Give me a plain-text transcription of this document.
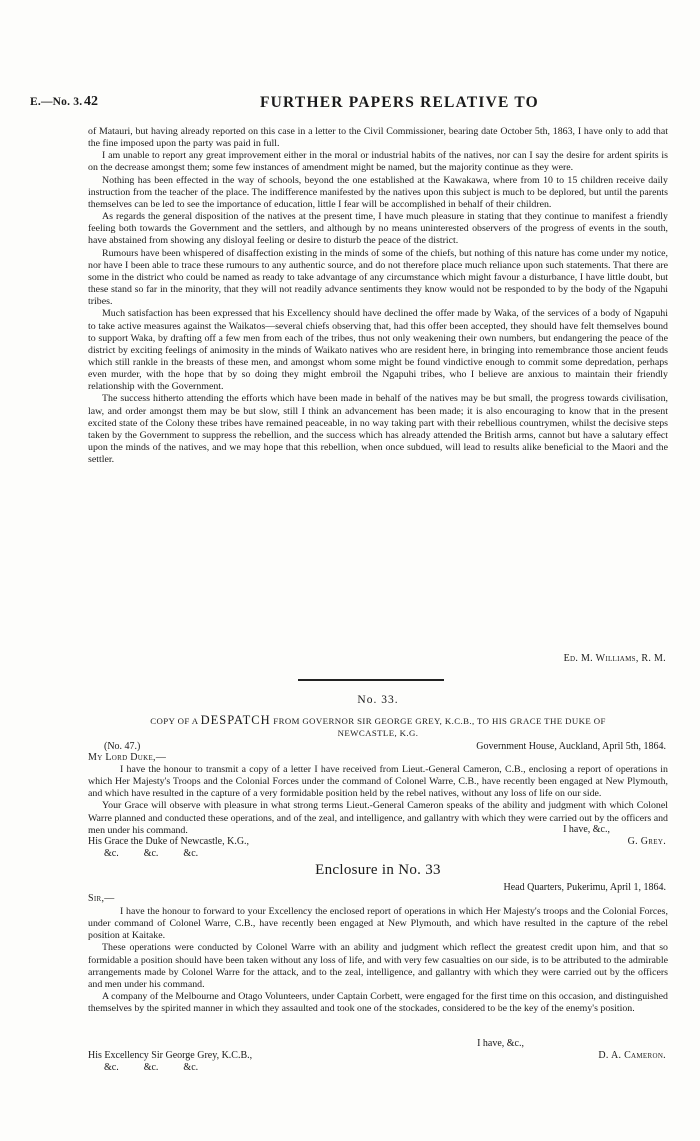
E.—No. 3. 42	FURTHER PAPERS RELATIVE TO

of Matauri, but having already reported on this case in a letter to the Civil Commissioner, bearing date October 5th, 1863, I have only to add that the fine imposed upon the party was paid in full.

I am unable to report any great improvement either in the moral or industrial habits of the natives, nor can I say the desire for ardent spirits is on the decrease amongst them; some few instances of amendment might be named, but the majority continue as they were.

Nothing has been effected in the way of schools, beyond the one established at the Kawakawa, where from 10 to 15 children receive daily instruction from the teacher of the place. The indifference manifested by the natives upon this subject is much to be deplored, but until the parents themselves can be led to see the importance of education, little I fear will be accomplished in behalf of their children.

As regards the general disposition of the natives at the present time, I have much pleasure in stating that they continue to manifest a friendly feeling both towards the Government and the settlers, and although by no means uninterested observers of the progress of events in the south, have abstained from showing any disloyal feeling or desire to disturb the peace of the district.

Rumours have been whispered of disaffection existing in the minds of some of the chiefs, but nothing of this nature has come under my notice, nor have I been able to trace these rumours to any authentic source, and do not therefore place much reliance upon such statements. That there are some in the district who could be named as ready to take advantage of any circumstance which might favour a disturbance, I have little doubt, but these stand so far in the minority, that they will not readily advance sentiments they know would not be responded to by the body of the Ngapuhi tribes.

Much satisfaction has been expressed that his Excellency should have declined the offer made by Waka, of the services of a body of Ngapuhi to take active measures against the Waikatos—several chiefs observing that, had this offer been accepted, they should have felt themselves bound to support Waka, by drafting off a few men from each of the tribes, thus not only weakening their own numbers, but endangering the peace of the district by exciting feelings of animosity in the minds of Waikato natives who are resident here, in bringing into remembrance those ancient feuds which still rankle in the breasts of these men, and amongst whom some might be found vindictive enough to commit some depredation, perhaps even murder, with the hope that by so doing they might embroil the Ngapuhi tribes, who I believe are anxious to maintain their friendly relationship with the Government.

The success hitherto attending the efforts which have been made in behalf of the natives may be but small, the progress towards civilisation, law, and order amongst them may be but slow, still I think an advancement has been made; it is also encouraging to know that in the present excited state of the Colony these tribes have remained peaceable, in no way taking part with their rebellious countrymen, whilst the decisive steps taken by the Government to suppress the rebellion, and the success which has already attended the British arms, cannot but have a salutary effect upon the minds of the natives, and we may hope that this rebellion, when once subdued, will lead to results alike beneficial to the Maori and the settler.

Ed. M. Williams, R. M.
No. 33.
COPY OF A DESPATCH FROM GOVERNOR SIR GEORGE GREY, K.C.B., TO HIS GRACE THE DUKE OF
NEWCASTLE, K.G.
(No. 47.)	Government House, Auckland, April 5th, 1864.
My Lord Duke,—

I have the honour to transmit a copy of a letter I have received from Lieut.-General Cameron, C.B., enclosing a report of operations in which Her Majesty's Troops and the Colonial Forces under the command of Colonel Warre, C.B., have recently been engaged at New Plymouth, and which have resulted in the capture of a very formidable position held by the rebel natives, without any loss of life on our side.

Your Grace will observe with pleasure in what strong terms Lieut.-General Cameron speaks of the ability and judgment with which Colonel Warre planned and conducted these operations, and of the zeal, and intelligence, and gallantry with which they were carried out by the officers and men under his command.	I have, &c.,
His Grace the Duke of Newcastle, K.G.,	G. Grey.
&c.          &c.          &c.
Enclosure in No. 33
Head Quarters, Pukerimu, April 1, 1864.
Sir,—

I have the honour to forward to your Excellency the enclosed report of operations in which Her Majesty's troops and the Colonial Forces, under command of Colonel Warre, C.B., have recently been engaged at New Plymouth, and which have resulted in the capture of the rebel position at Kaitake.

These operations were conducted by Colonel Warre with an ability and judgment which reflect the greatest credit upon him, and that so formidable a position should have been taken without any loss of life, and with very few casualties on our side, is to be attributed to the admirable arrangements made by Colonel Warre for the attack, and to the zeal, intelligence, and gallantry with which they were carried out by the officers and men under his command.

A company of the Melbourne and Otago Volunteers, under Captain Corbett, were engaged for the first time on this occasion, and distinguished themselves by the spirited manner in which they assaulted and took one of the stockades, considered to be the key of the enemy's position.

I have, &c.,
His Excellency Sir George Grey, K.C.B.,	D. A. Cameron.
&c.          &c.          &c.
